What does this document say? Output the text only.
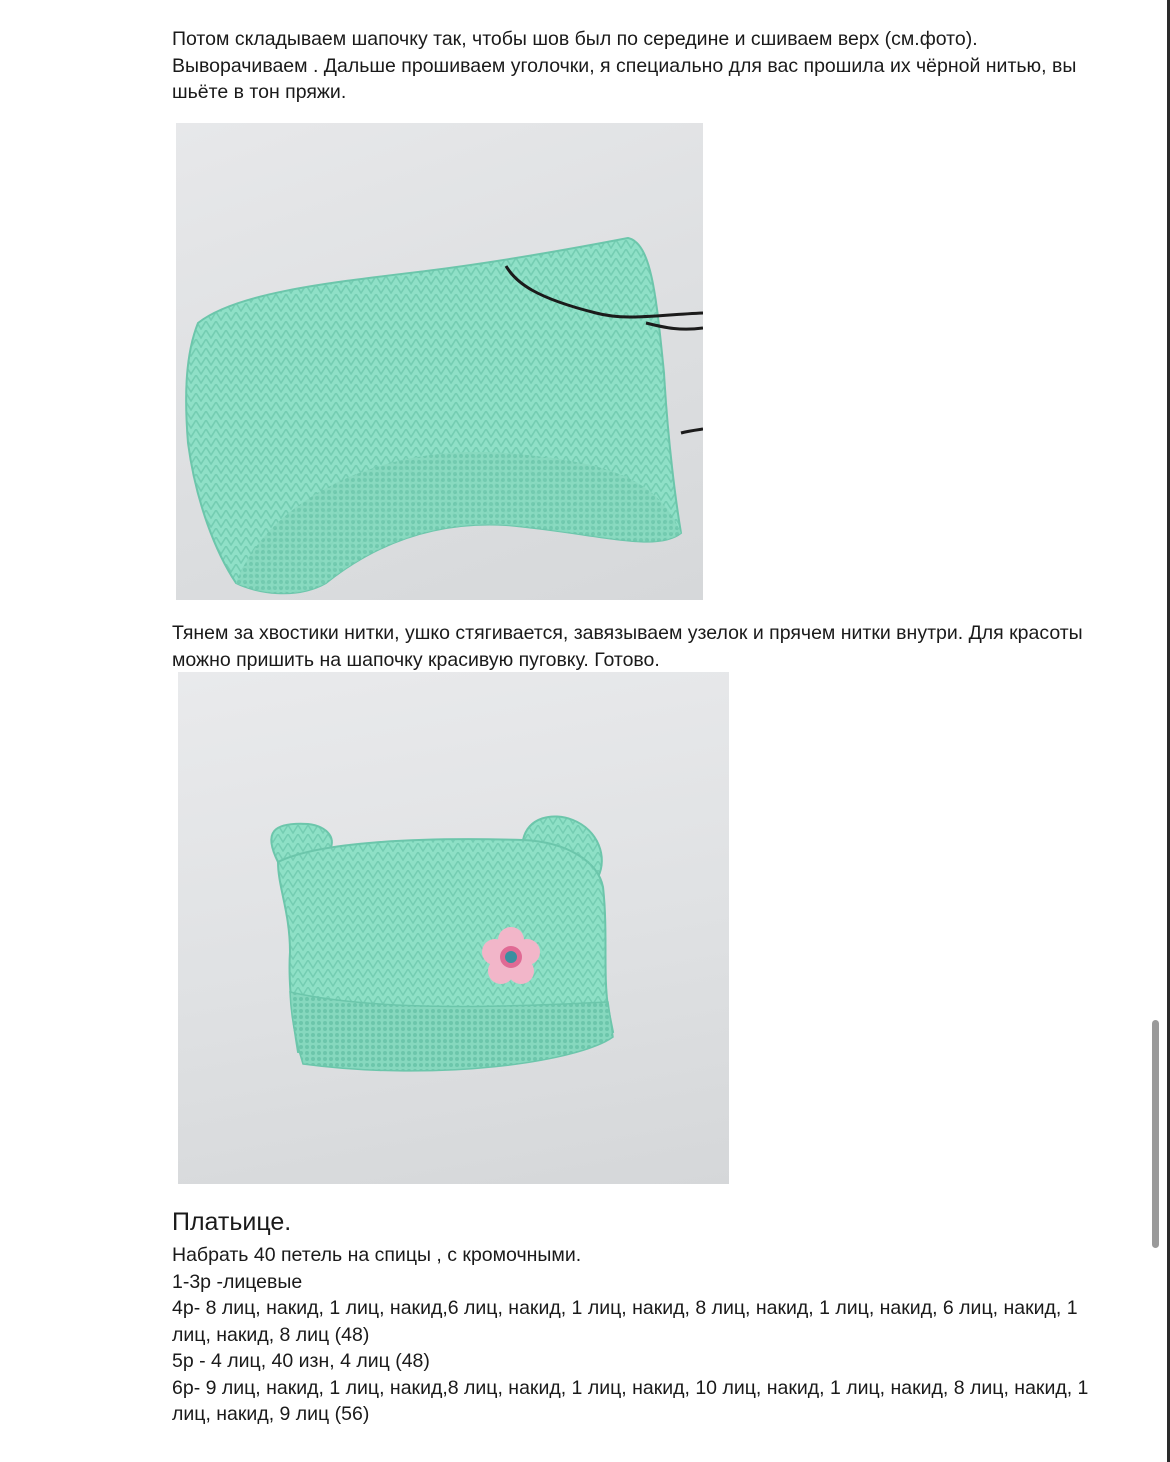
Потом складываем шапочку так, чтобы шов был по середине и сшиваем верх (см.фото). Выворачиваем . Дальше прошиваем уголочки, я специально для вас прошила их чёрной нитью, вы шьёте в тон пряжи.

Тянем за хвостики нитки, ушко стягивается, завязываем узелок и прячем нитки внутри. Для красоты можно пришить на шапочку красивую пуговку. Готово.

Платьице.
Набрать 40 петель на спицы , с кромочными.
1-3р -лицевые
4р- 8 лиц, накид, 1 лиц, накид,6 лиц, накид, 1 лиц, накид, 8 лиц, накид, 1 лиц, накид, 6 лиц, накид, 1 лиц, накид, 8 лиц (48)
5р - 4 лиц, 40 изн, 4 лиц (48)
6р- 9 лиц, накид, 1 лиц, накид,8 лиц, накид, 1 лиц, накид, 10 лиц, накид, 1 лиц, накид, 8 лиц, накид, 1 лиц, накид, 9 лиц (56)
